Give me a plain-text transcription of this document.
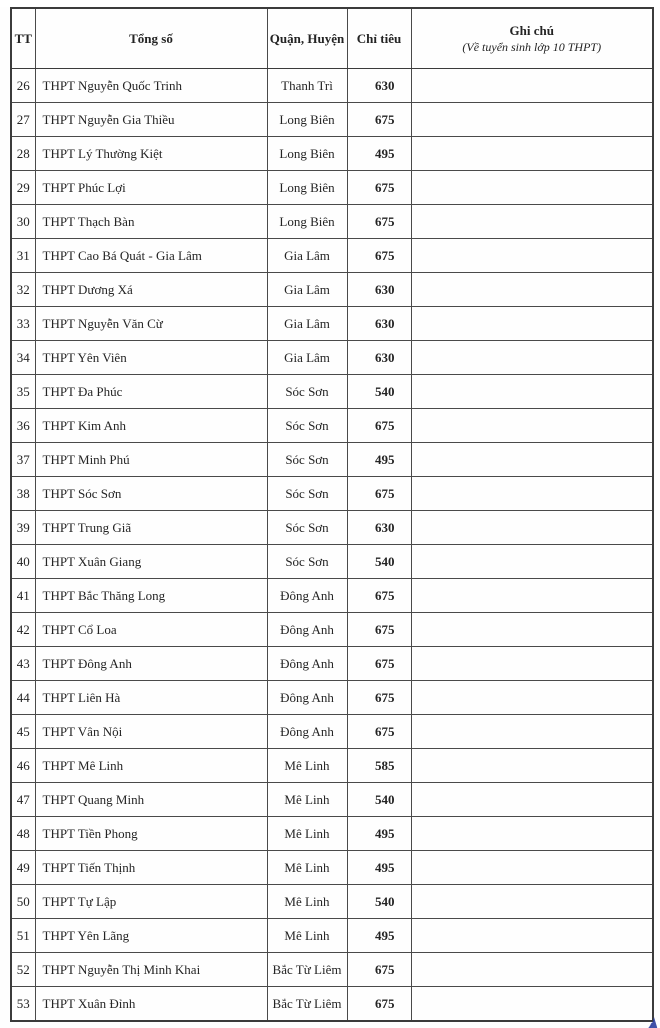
TT	Tổng số	Quận, Huyện	Chỉ tiêu	Ghi chú
(Về tuyển sinh lớp 10 THPT)

26	THPT Nguyễn Quốc Trinh	Thanh Trì	630	
27	THPT Nguyễn Gia Thiều	Long Biên	675	
28	THPT Lý Thường Kiệt	Long Biên	495	
29	THPT Phúc Lợi	Long Biên	675	
30	THPT Thạch Bàn	Long Biên	675	
31	THPT Cao Bá Quát - Gia Lâm	Gia Lâm	675	
32	THPT Dương Xá	Gia Lâm	630	
33	THPT Nguyễn Văn Cừ	Gia Lâm	630	
34	THPT Yên Viên	Gia Lâm	630	
35	THPT Đa Phúc	Sóc Sơn	540	
36	THPT Kim Anh	Sóc Sơn	675	
37	THPT Minh Phú	Sóc Sơn	495	
38	THPT Sóc Sơn	Sóc Sơn	675	
39	THPT Trung Giã	Sóc Sơn	630	
40	THPT Xuân Giang	Sóc Sơn	540	
41	THPT Bắc Thăng Long	Đông Anh	675	
42	THPT Cổ Loa	Đông Anh	675	
43	THPT Đông Anh	Đông Anh	675	
44	THPT Liên Hà	Đông Anh	675	
45	THPT Vân Nội	Đông Anh	675	
46	THPT Mê Linh	Mê Linh	585	
47	THPT Quang Minh	Mê Linh	540	
48	THPT Tiền Phong	Mê Linh	495	
49	THPT Tiến Thịnh	Mê Linh	495	
50	THPT Tự Lập	Mê Linh	540	
51	THPT Yên Lãng	Mê Linh	495	
52	THPT Nguyễn Thị Minh Khai	Bắc Từ Liêm	675	
53	THPT Xuân Đỉnh	Bắc Từ Liêm	675	
